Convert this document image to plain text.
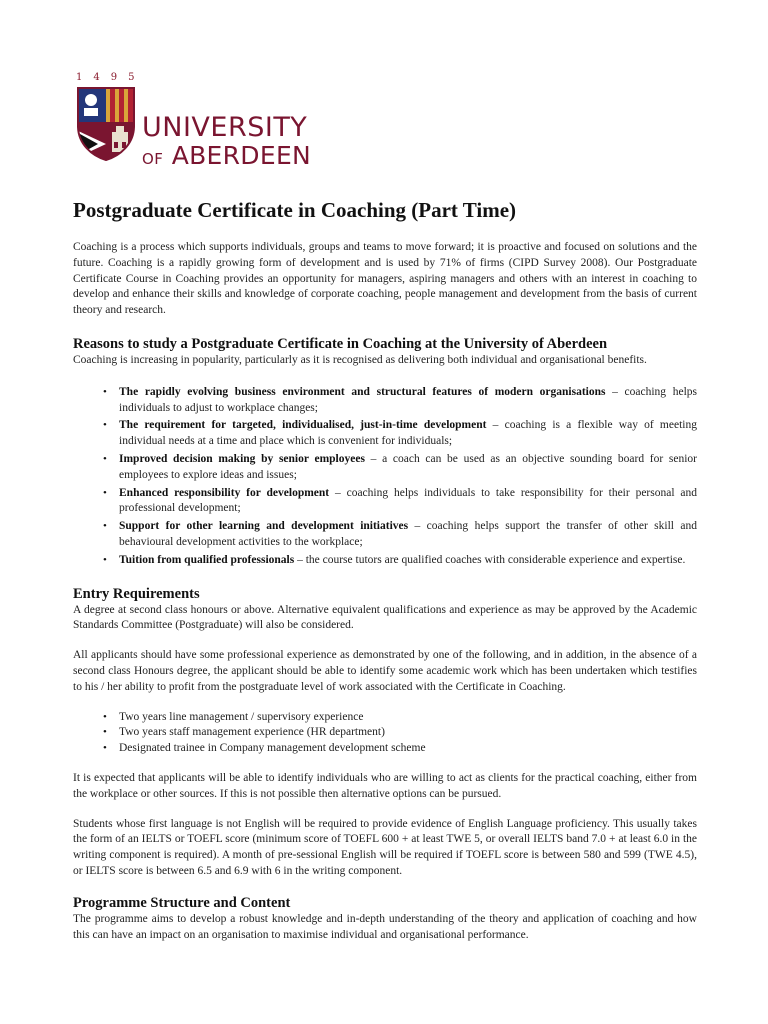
1495
UNIVERSITY
OF ABERDEEN
Postgraduate Certificate in Coaching (Part Time)

Coaching is a process which supports individuals, groups and teams to move forward; it is proactive and focused on solutions and the future. Coaching is a rapidly growing form of development and is used by 71% of firms (CIPD Survey 2008). Our Postgraduate Certificate Course in Coaching provides an opportunity for managers, aspiring managers and others with an interest in coaching to develop and enhance their skills and knowledge of corporate coaching, people management and development from the basis of current theory and research.

Reasons to study a Postgraduate Certificate in Coaching at the University of Aberdeen

Coaching is increasing in popularity, particularly as it is recognised as delivering both individual and organisational benefits.

• The rapidly evolving business environment and structural features of modern organisations – coaching helps individuals to adjust to workplace changes;
• The requirement for targeted, individualised, just-in-time development – coaching is a flexible way of meeting individual needs at a time and place which is convenient for individuals;
• Improved decision making by senior employees – a coach can be used as an objective sounding board for senior employees to explore ideas and issues;
• Enhanced responsibility for development – coaching helps individuals to take responsibility for their personal and professional development;
• Support for other learning and development initiatives – coaching helps support the transfer of other skill and behavioural development activities to the workplace;
• Tuition from qualified professionals – the course tutors are qualified coaches with considerable experience and expertise.
Entry Requirements

A degree at second class honours or above. Alternative equivalent qualifications and experience as may be approved by the Academic Standards Committee (Postgraduate) will also be considered.

All applicants should have some professional experience as demonstrated by one of the following, and in addition, in the absence of a second class Honours degree, the applicant should be able to identify some academic work which has been undertaken which testifies to his / her ability to profit from the postgraduate level of work associated with the Certificate in Coaching.

• Two years line management / supervisory experience
• Two years staff management experience (HR department)
• Designated trainee in Company management development scheme

It is expected that applicants will be able to identify individuals who are willing to act as clients for the practical coaching, either from the workplace or other sources. If this is not possible then alternative options can be pursued.

Students whose first language is not English will be required to provide evidence of English Language proficiency. This usually takes the form of an IELTS or TOEFL score (minimum score of TOEFL 600 + at least TWE 5, or overall IELTS band 7.0 + at least 6.0 in the writing component is required). A month of pre-sessional English will be required if TOEFL score is between 580 and 599 (TWE 4.5), or IELTS score is between 6.5 and 6.9 with 6 in the writing component.

Programme Structure and Content

The programme aims to develop a robust knowledge and in-depth understanding of the theory and application of coaching and how this can have an impact on an organisation to maximise individual and organisational performance.
